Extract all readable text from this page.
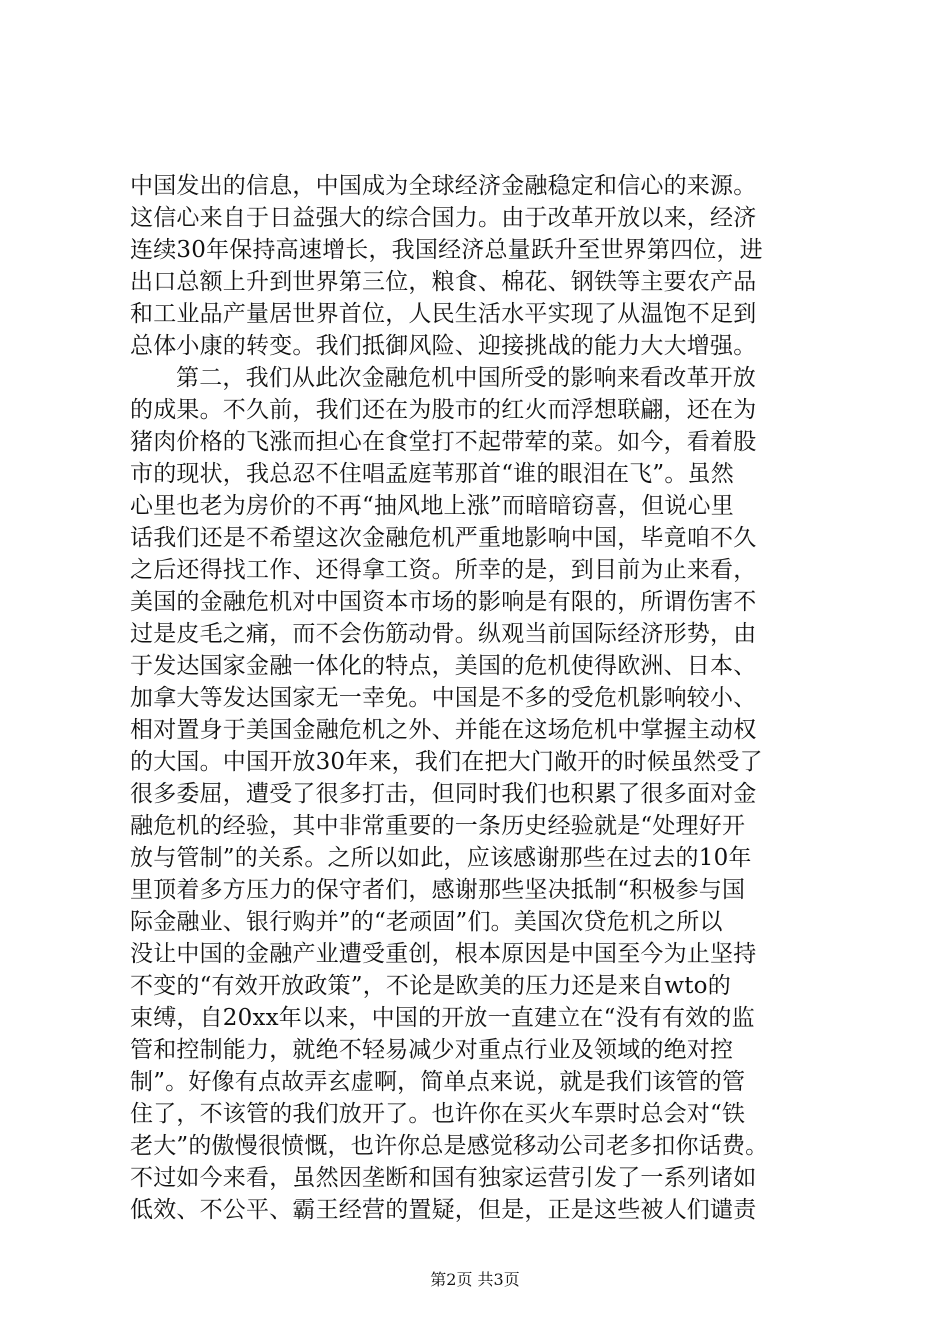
中国发出的信息，中国成为全球经济金融稳定和信心的来源。
这信心来自于日益强大的综合国力。由于改革开放以来，经济
连续30年保持高速增长，我国经济总量跃升至世界第四位，进
出口总额上升到世界第三位，粮食、棉花、钢铁等主要农产品
和工业品产量居世界首位，人民生活水平实现了从温饱不足到
总体小康的转变。我们抵御风险、迎接挑战的能力大大增强。
第二，我们从此次金融危机中国所受的影响来看改革开放
的成果。不久前，我们还在为股市的红火而浮想联翩，还在为
猪肉价格的飞涨而担心在食堂打不起带荤的菜。如今，看着股
市的现状，我总忍不住唱孟庭苇那首“谁的眼泪在飞”。虽然
心里也老为房价的不再“抽风地上涨”而暗暗窃喜，但说心里
话我们还是不希望这次金融危机严重地影响中国，毕竟咱不久
之后还得找工作、还得拿工资。所幸的是，到目前为止来看，
美国的金融危机对中国资本市场的影响是有限的，所谓伤害不
过是皮毛之痛，而不会伤筋动骨。纵观当前国际经济形势，由
于发达国家金融一体化的特点，美国的危机使得欧洲、日本、
加拿大等发达国家无一幸免。中国是不多的受危机影响较小、
相对置身于美国金融危机之外、并能在这场危机中掌握主动权
的大国。中国开放30年来，我们在把大门敞开的时候虽然受了
很多委屈，遭受了很多打击，但同时我们也积累了很多面对金
融危机的经验，其中非常重要的一条历史经验就是“处理好开
放与管制”的关系。之所以如此，应该感谢那些在过去的10年
里顶着多方压力的保守者们，感谢那些坚决抵制“积极参与国
际金融业、银行购并”的“老顽固”们。美国次贷危机之所以
没让中国的金融产业遭受重创，根本原因是中国至今为止坚持
不变的“有效开放政策”，不论是欧美的压力还是来自wto的
束缚，自20xx年以来，中国的开放一直建立在“没有有效的监
管和控制能力，就绝不轻易减少对重点行业及领域的绝对控
制”。好像有点故弄玄虚啊，简单点来说，就是我们该管的管
住了，不该管的我们放开了。也许你在买火车票时总会对“铁
老大”的傲慢很愤慨，也许你总是感觉移动公司老多扣你话费。
不过如今来看，虽然因垄断和国有独家运营引发了一系列诸如
低效、不公平、霸王经营的置疑，但是，正是这些被人们谴责
第2页 共3页
